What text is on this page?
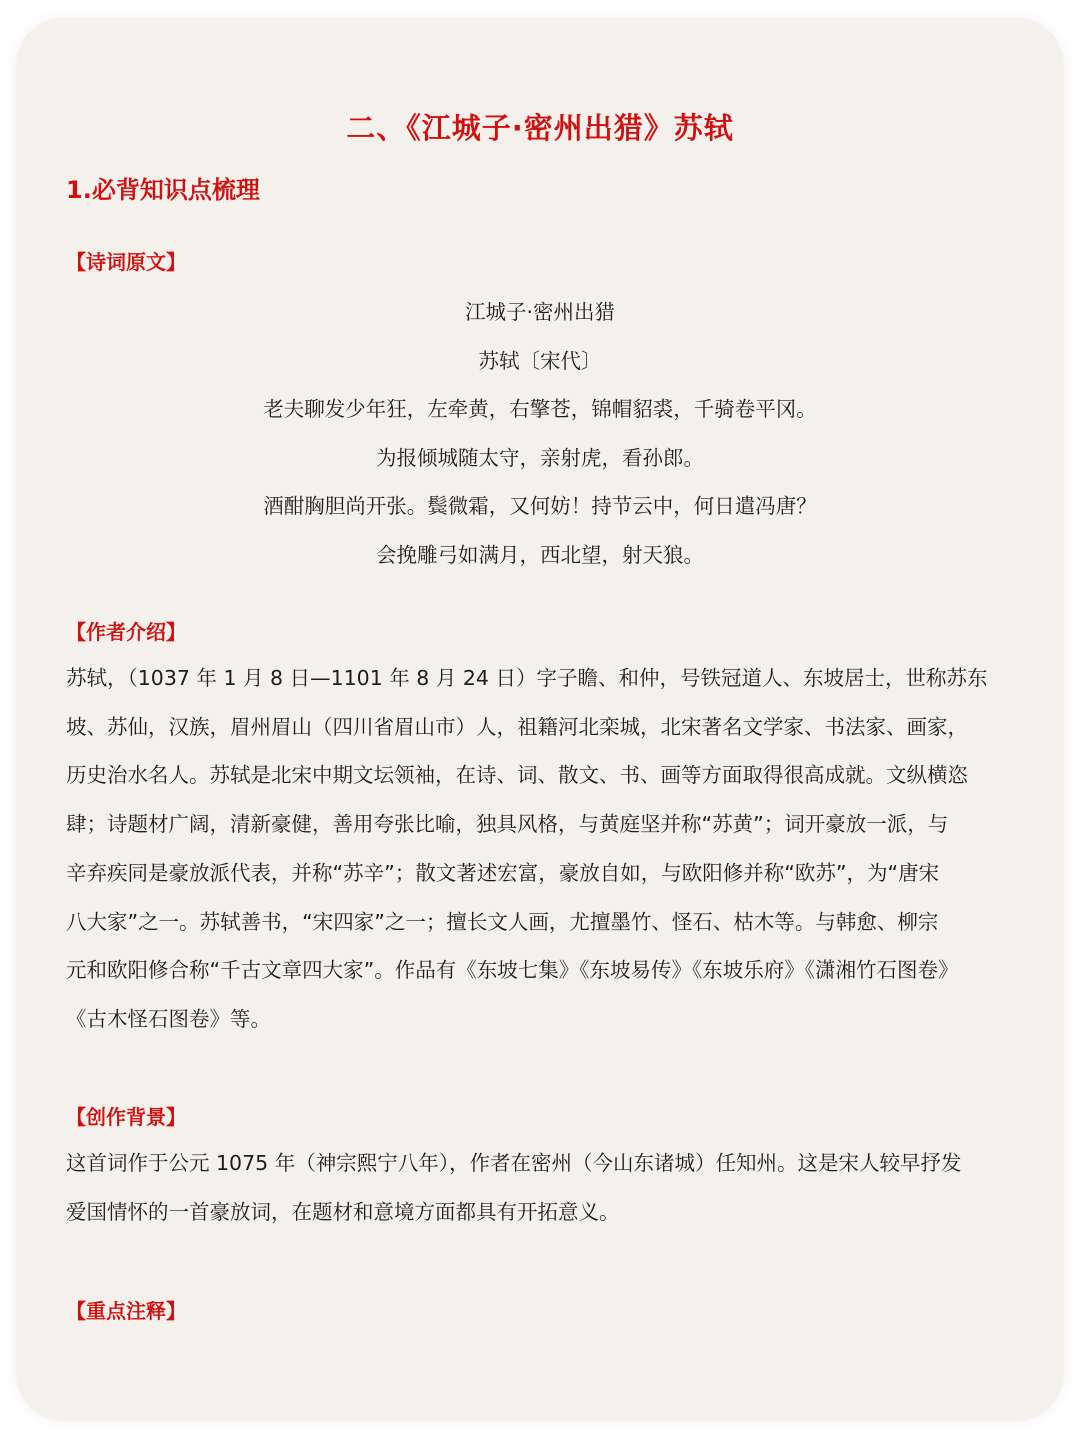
二、《江城子·密州出猎》苏轼
1.必背知识点梳理
【诗词原文】
江城子·密州出猎
苏轼〔宋代〕
老夫聊发少年狂，左牵黄，右擎苍，锦帽貂裘，千骑卷平冈。
为报倾城随太守，亲射虎，看孙郎。
酒酣胸胆尚开张。鬓微霜，又何妨！持节云中，何日遣冯唐？
会挽雕弓如满月，西北望，射天狼。
【作者介绍】
苏轼，（1037 年 1 月 8 日—1101 年 8 月 24 日）字子瞻、和仲，号铁冠道人、东坡居士，世称苏东
坡、苏仙，汉族，眉州眉山（四川省眉山市）人，祖籍河北栾城，北宋著名文学家、书法家、画家，
历史治水名人。苏轼是北宋中期文坛领袖，在诗、词、散文、书、画等方面取得很高成就。文纵横恣
肆；诗题材广阔，清新豪健，善用夸张比喻，独具风格，与黄庭坚并称“苏黄”；词开豪放一派，与
辛弃疾同是豪放派代表，并称“苏辛”；散文著述宏富，豪放自如，与欧阳修并称“欧苏”，为“唐宋
八大家”之一。苏轼善书，“宋四家”之一；擅长文人画，尤擅墨竹、怪石、枯木等。与韩愈、柳宗
元和欧阳修合称“千古文章四大家”。作品有《东坡七集》《东坡易传》《东坡乐府》《潇湘竹石图卷》
《古木怪石图卷》等。
【创作背景】
这首词作于公元 1075 年（神宗熙宁八年），作者在密州（今山东诸城）任知州。这是宋人较早抒发
爱国情怀的一首豪放词，在题材和意境方面都具有开拓意义。
【重点注释】
